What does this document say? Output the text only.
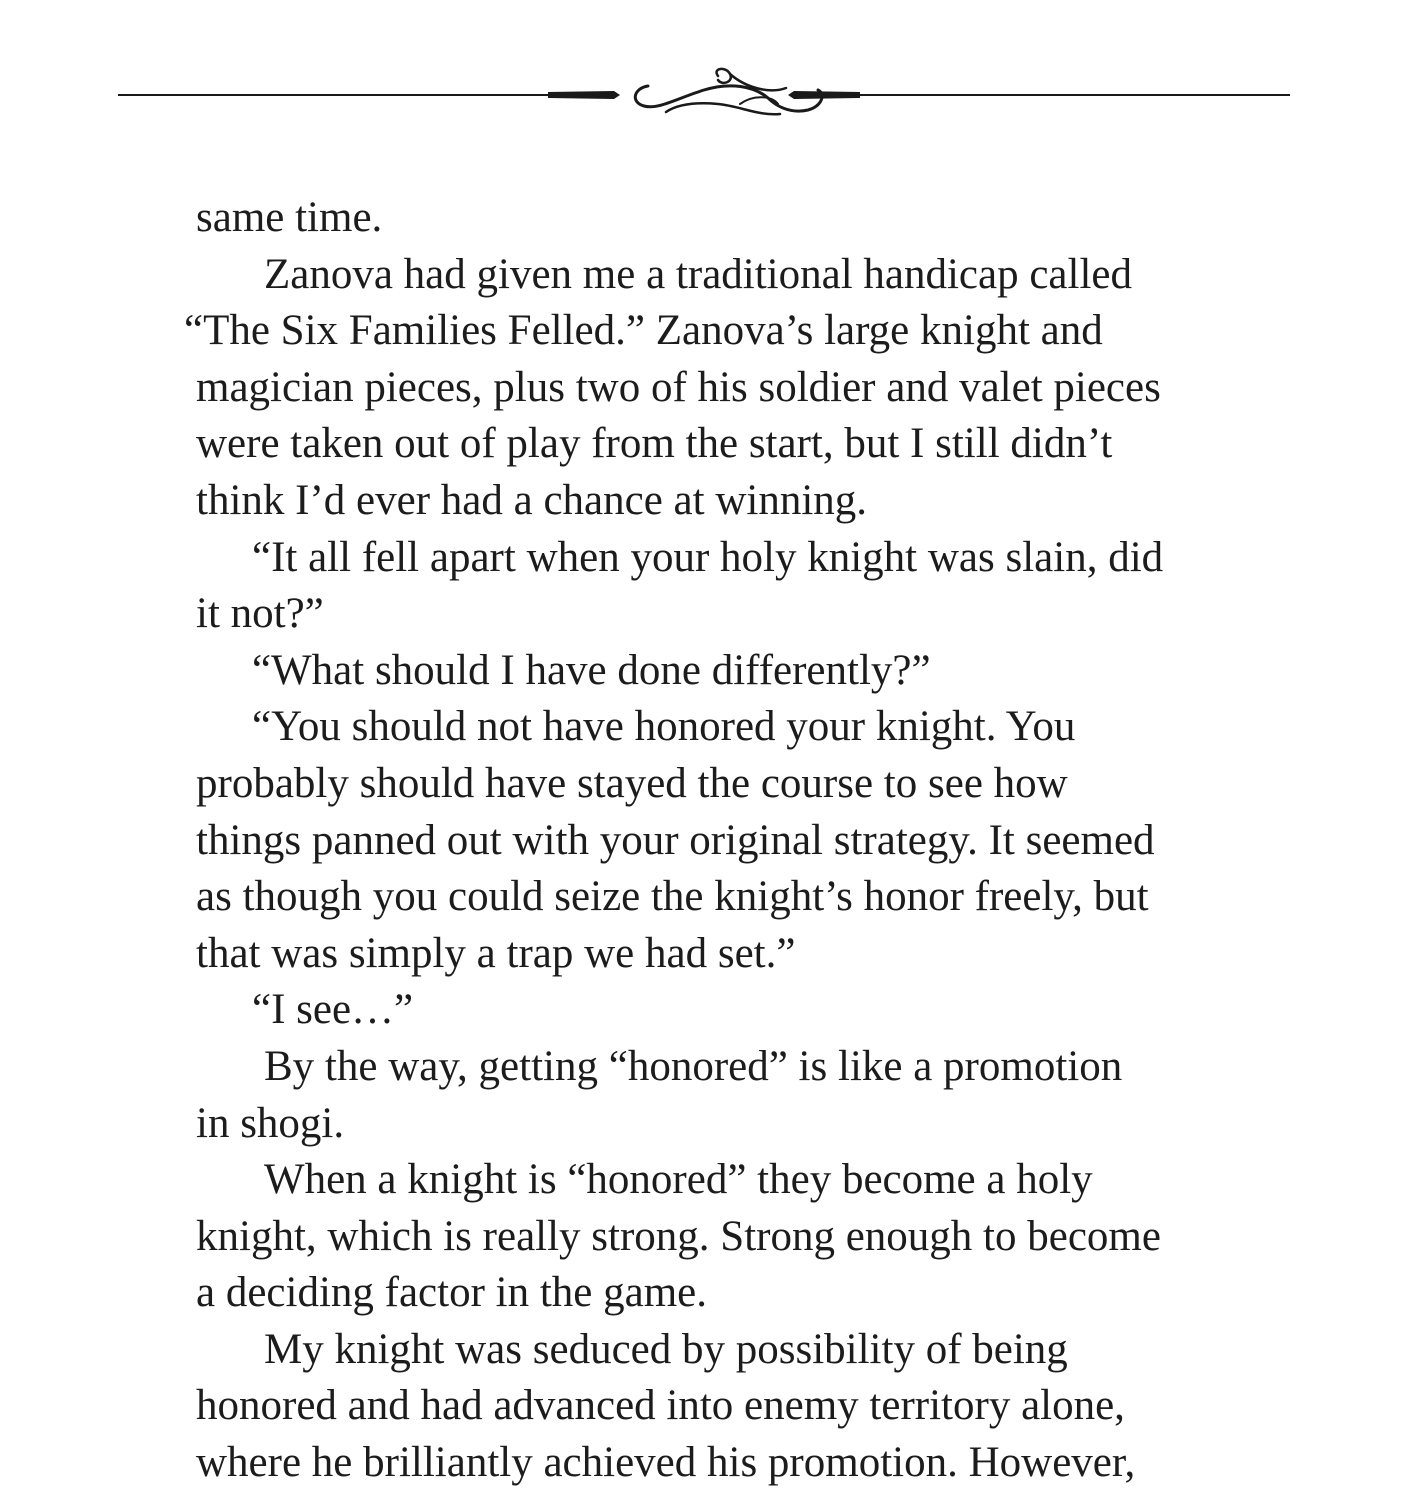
same time.
Zanova had given me a traditional handicap called
“The Six Families Felled.” Zanova’s large knight and
magician pieces, plus two of his soldier and valet pieces
were taken out of play from the start, but I still didn’t
think I’d ever had a chance at winning.
“It all fell apart when your holy knight was slain, did
it not?”
“What should I have done differently?”
“You should not have honored your knight. You
probably should have stayed the course to see how
things panned out with your original strategy. It seemed
as though you could seize the knight’s honor freely, but
that was simply a trap we had set.”
“I see…”
By the way, getting “honored” is like a promotion
in shogi.
When a knight is “honored” they become a holy
knight, which is really strong. Strong enough to become
a deciding factor in the game.
My knight was seduced by possibility of being
honored and had advanced into enemy territory alone,
where he brilliantly achieved his promotion. However,
